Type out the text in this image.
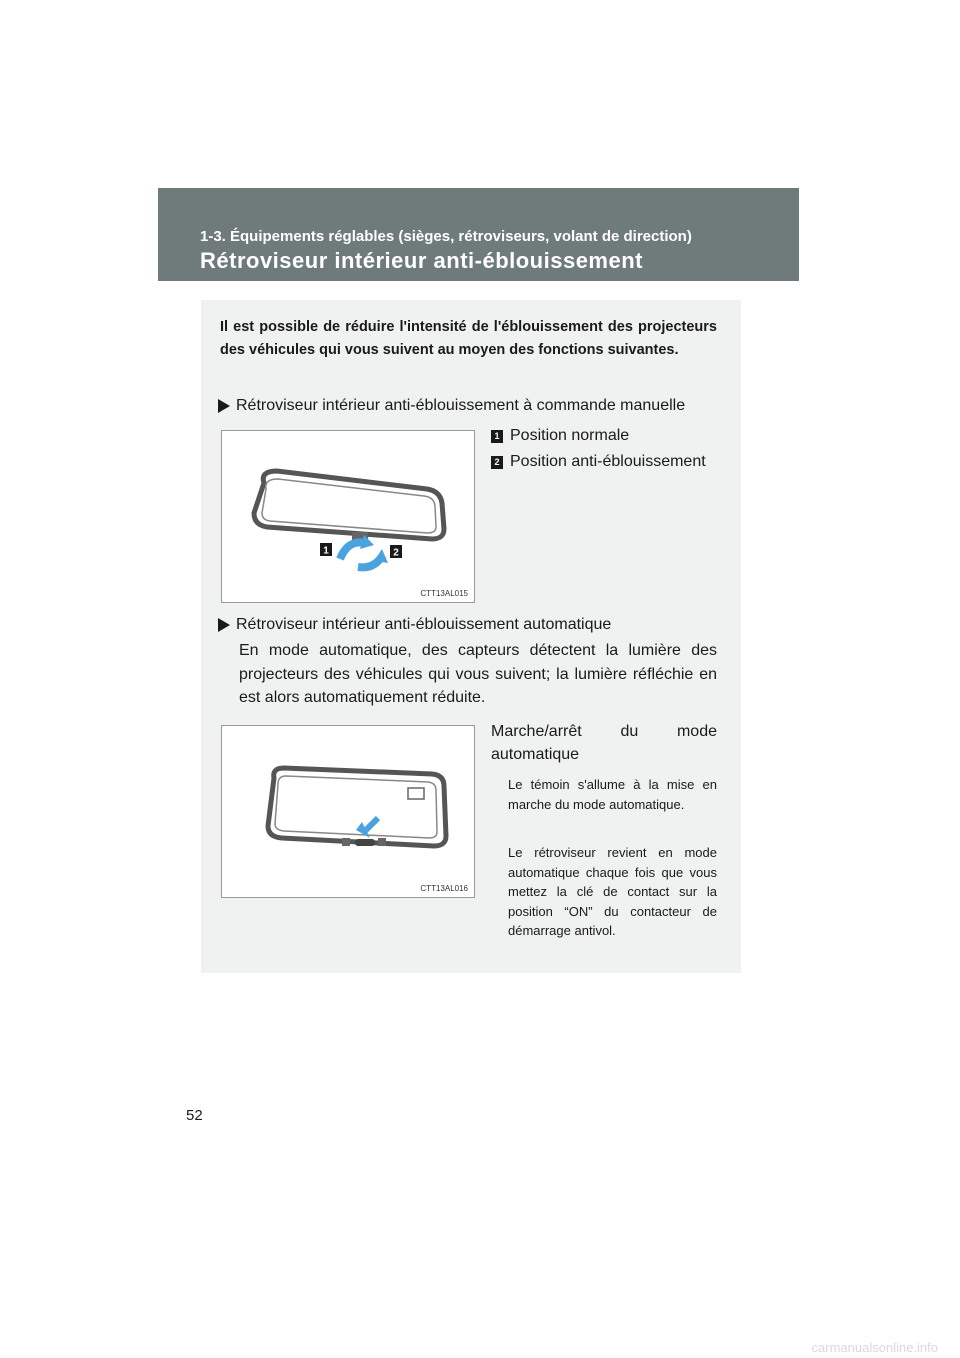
1-3. Équipements réglables (sièges, rétroviseurs, volant de direction)
Rétroviseur intérieur anti-éblouissement
Il est possible de réduire l'intensité de l'éblouissement des projecteurs des véhicules qui vous suivent au moyen des fonctions suivantes.
Rétroviseur intérieur anti-éblouissement à commande manuelle
1	2
CTT13AL015
1 Position normale
2 Position anti-éblouissement
Rétroviseur intérieur anti-éblouissement automatique
En mode automatique, des capteurs détectent la lumière des projecteurs des véhicules qui vous suivent; la lumière réfléchie en est alors automatiquement réduite.
CTT13AL016
Marche/arrêt du mode automatique
Le témoin s'allume à la mise en marche du mode automatique.
Le rétroviseur revient en mode automatique chaque fois que vous mettez la clé de contact sur la position “ON” du contacteur de démarrage antivol.
52
carmanualsonline.info
